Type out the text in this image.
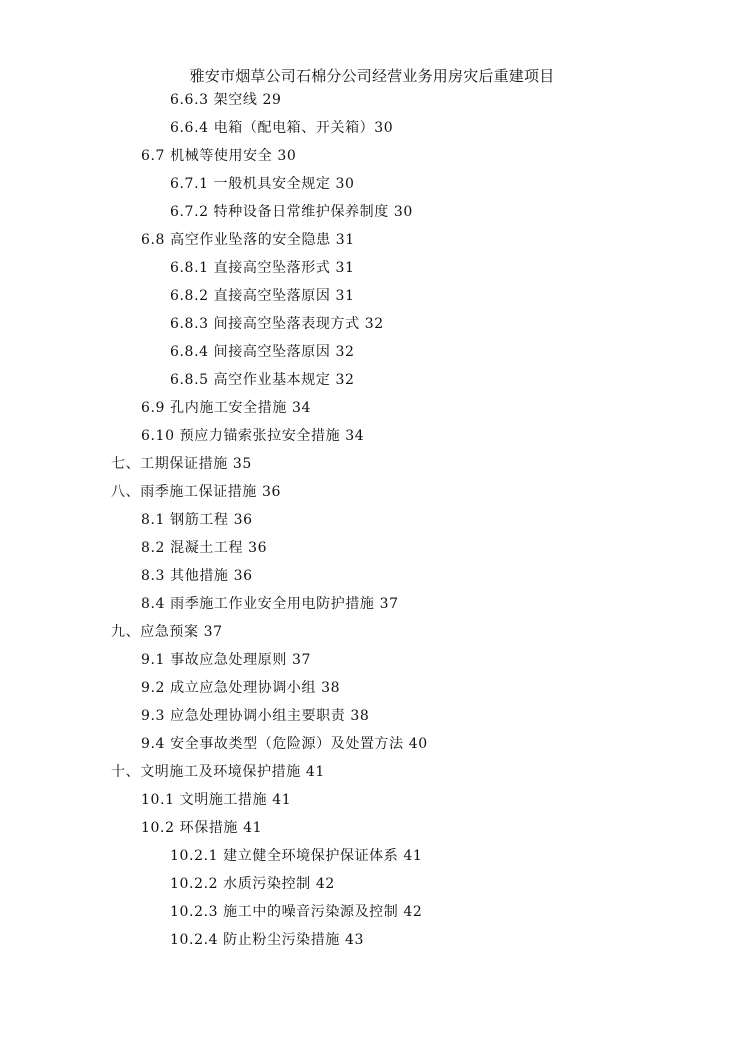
雅安市烟草公司石棉分公司经营业务用房灾后重建项目
6.6.3 架空线 29
6.6.4 电箱（配电箱、开关箱）30
6.7 机械等使用安全 30
6.7.1 一般机具安全规定 30
6.7.2 特种设备日常维护保养制度 30
6.8 高空作业坠落的安全隐患 31
6.8.1 直接高空坠落形式 31
6.8.2 直接高空坠落原因 31
6.8.3 间接高空坠落表现方式 32
6.8.4 间接高空坠落原因 32
6.8.5 高空作业基本规定 32
6.9 孔内施工安全措施 34
6.10 预应力锚索张拉安全措施 34
七、工期保证措施 35
八、雨季施工保证措施 36
8.1 钢筋工程 36
8.2 混凝土工程 36
8.3 其他措施 36
8.4 雨季施工作业安全用电防护措施 37
九、应急预案 37
9.1 事故应急处理原则 37
9.2 成立应急处理协调小组 38
9.3 应急处理协调小组主要职责 38
9.4 安全事故类型（危险源）及处置方法 40
十、文明施工及环境保护措施 41
10.1 文明施工措施 41
10.2 环保措施 41
10.2.1 建立健全环境保护保证体系 41
10.2.2 水质污染控制 42
10.2.3 施工中的噪音污染源及控制 42
10.2.4 防止粉尘污染措施 43
